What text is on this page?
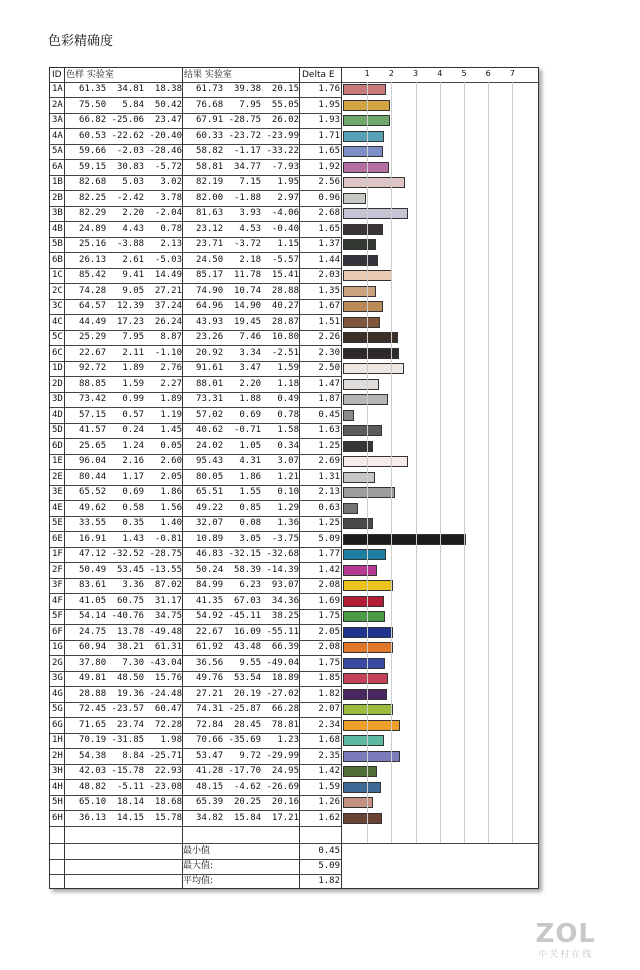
色彩精确度
ID 色样 实验室	结果 实验室	Delta E
1A	61.35  34.81  18.38 61.73  39.38  20.15	1.76
2A	75.50   5.84  50.42 76.68   7.95  55.05	1.95
3A	66.82 -25.06  23.47 67.91 -28.75  26.02	1.93
4A	60.53 -22.62 -20.40 60.33 -23.72 -23.99	1.71
5A	59.66  -2.03 -28.46 58.82  -1.17 -33.22	1.65
6A	59.15  30.83  -5.72 58.81  34.77  -7.93	1.92
1B	82.68   5.03   3.02 82.19   7.15   1.95	2.56
2B	82.25  -2.42   3.78 82.00  -1.88   2.97	0.96
3B	82.29   2.20  -2.04 81.63   3.93  -4.06	2.68
4B	24.89   4.43   0.78 23.12   4.53  -0.40	1.65
5B	25.16  -3.88   2.13 23.71  -3.72   1.15	1.37
6B	26.13   2.61  -5.03 24.50   2.18  -5.57	1.44
1C	85.42   9.41  14.49 85.17  11.78  15.41	2.03
2C	74.28   9.05  27.21 74.90  10.74  28.88	1.35
3C	64.57  12.39  37.24 64.96  14.90  40.27	1.67
4C	44.49  17.23  26.24 43.93  19.45  28.87	1.51
5C	25.29   7.95   8.87 23.26   7.46  10.80	2.26
6C	22.67   2.11  -1.10 20.92   3.34  -2.51	2.30
1D	92.72   1.89   2.76 91.61   3.47   1.59	2.50
2D	88.85   1.59   2.27 88.01   2.20   1.18	1.47
3D	73.42   0.99   1.89 73.31   1.88   0.49	1.87
4D	57.15   0.57   1.19 57.02   0.69   0.78	0.45
5D	41.57   0.24   1.45 40.62  -0.71   1.58	1.63
6D	25.65   1.24   0.05 24.02   1.05   0.34	1.25
1E	96.04   2.16   2.60 95.43   4.31   3.07	2.69
2E	80.44   1.17   2.05 80.05   1.86   1.21	1.31
3E	65.52   0.69   1.86 65.51   1.55   0.10	2.13
4E	49.62   0.58   1.56 49.22   0.85   1.29	0.63
5E	33.55   0.35   1.40 32.07   0.08   1.36	1.25
6E	16.91   1.43  -0.81 10.89   3.05  -3.75	5.09
1F	47.12 -32.52 -28.75 46.83 -32.15 -32.68	1.77
2F	50.49  53.45 -13.55 50.24  58.39 -14.39	1.42
3F	83.61   3.36  87.02 84.99   6.23  93.07	2.08
4F	41.05  60.75  31.17 41.35  67.03  34.36	1.69
5F	54.14 -40.76  34.75 54.92 -45.11  38.25	1.75
6F	24.75  13.78 -49.48 22.67  16.09 -55.11	2.05
1G	60.94  38.21  61.31 61.92  43.48  66.39	2.08
2G	37.80   7.30 -43.04 36.56   9.55 -49.04	1.75
3G	49.81  48.50  15.76 49.76  53.54  18.89	1.85
4G	28.88  19.36 -24.48 27.21  20.19 -27.02	1.82
5G	72.45 -23.57  60.47 74.31 -25.87  66.28	2.07
6G	71.65  23.74  72.28 72.84  28.45  78.81	2.34
1H	70.19 -31.85   1.98 70.66 -35.69   1.23	1.68
2H	54.38   8.84 -25.71 53.47   9.72 -29.99	2.35
3H	42.03 -15.78  22.93 41.28 -17.70  24.95	1.42
4H	48.82  -5.11 -23.08 48.15  -4.62 -26.69	1.59
5H	65.10  18.14  18.68 65.39  20.25  20.16	1.26
6H	36.13  14.15  15.78 34.82  15.84  17.21	1.62
最小值	0.45
最大值:	5.09
平均值:	1.82
1	2	3	4	5	6	7
ZOL
中关村在线
